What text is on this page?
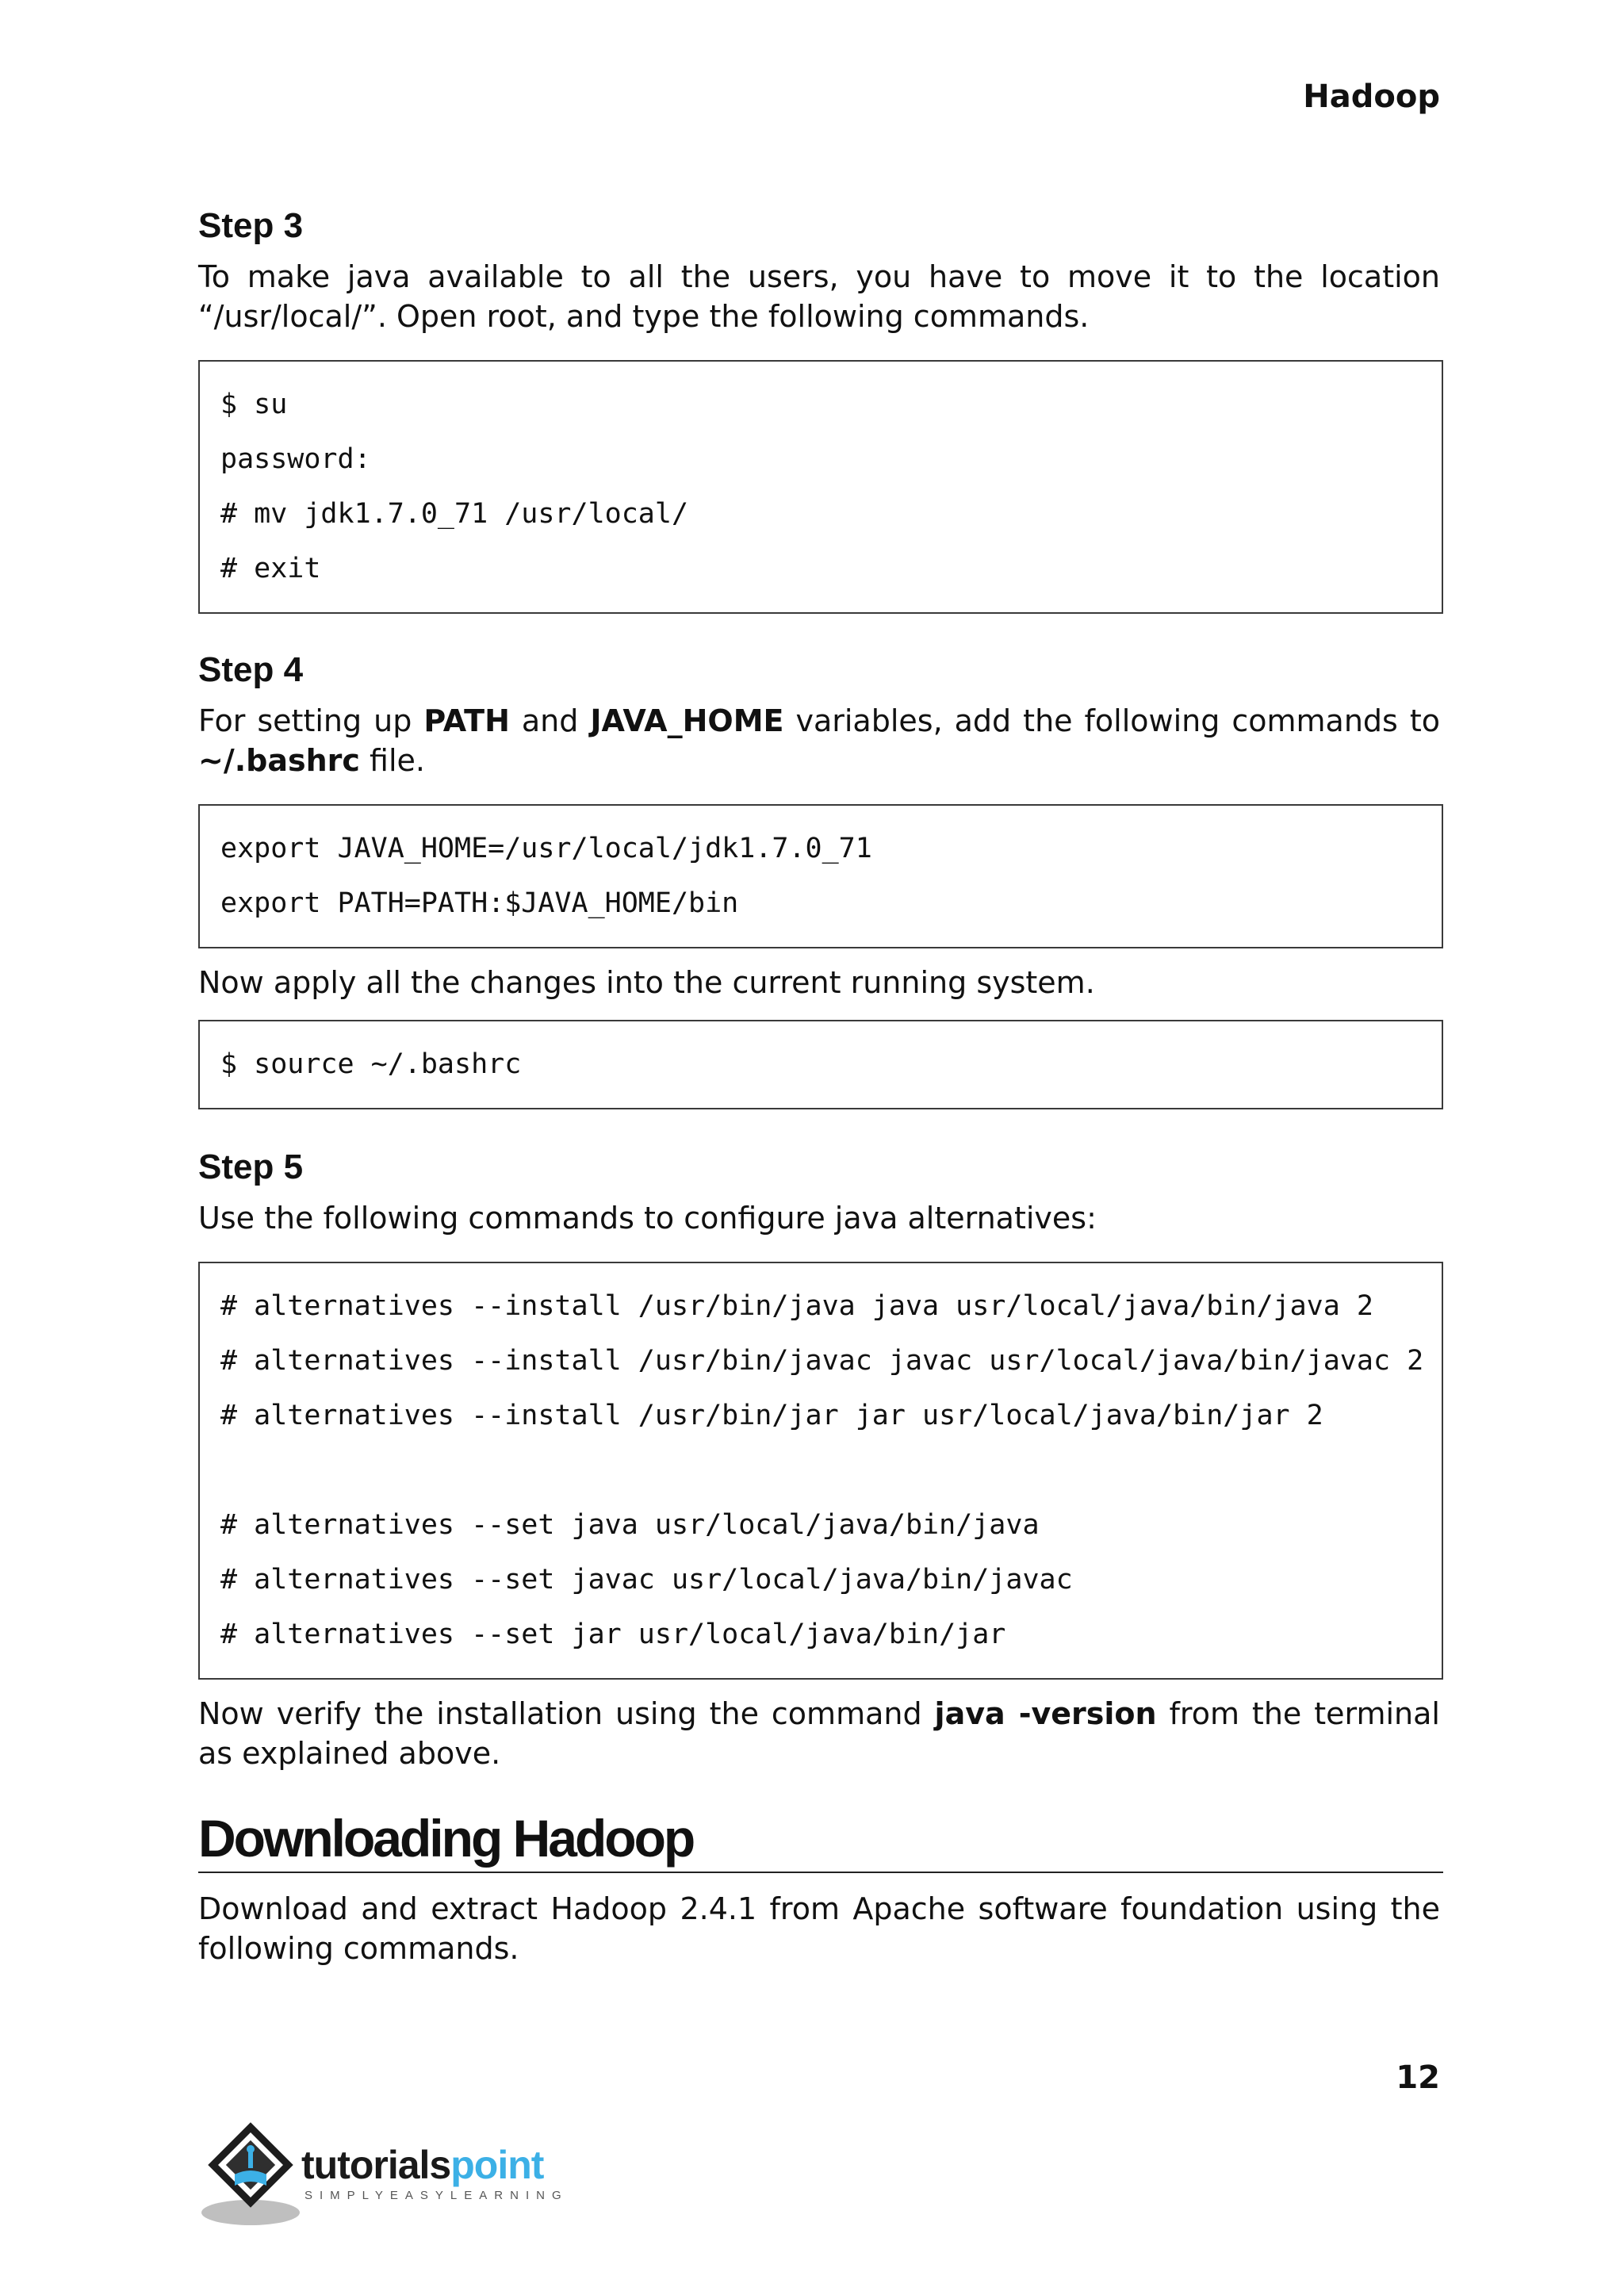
Hadoop
Step 3

To make java available to all the users, you have to move it to the location “/usr/local/”. Open root, and type the following commands.

$ su
password:
# mv jdk1.7.0_71 /usr/local/
# exit
Step 4

For setting up PATH and JAVA_HOME variables, add the following commands to ~/.bashrc file.

export JAVA_HOME=/usr/local/jdk1.7.0_71
export PATH=PATH:$JAVA_HOME/bin

Now apply all the changes into the current running system.

$ source ~/.bashrc
Step 5

Use the following commands to configure java alternatives:

# alternatives --install /usr/bin/java java usr/local/java/bin/java 2
# alternatives --install /usr/bin/javac javac usr/local/java/bin/javac 2
# alternatives --install /usr/bin/jar jar usr/local/java/bin/jar 2
# alternatives --set java usr/local/java/bin/java
# alternatives --set javac usr/local/java/bin/javac
# alternatives --set jar usr/local/java/bin/jar

Now verify the installation using the command java -version from the terminal as explained above.

Downloading Hadoop

Download and extract Hadoop 2.4.1 from Apache software foundation using the following commands.

12
tutorialspoint
SIMPLYEASYLEARNING
